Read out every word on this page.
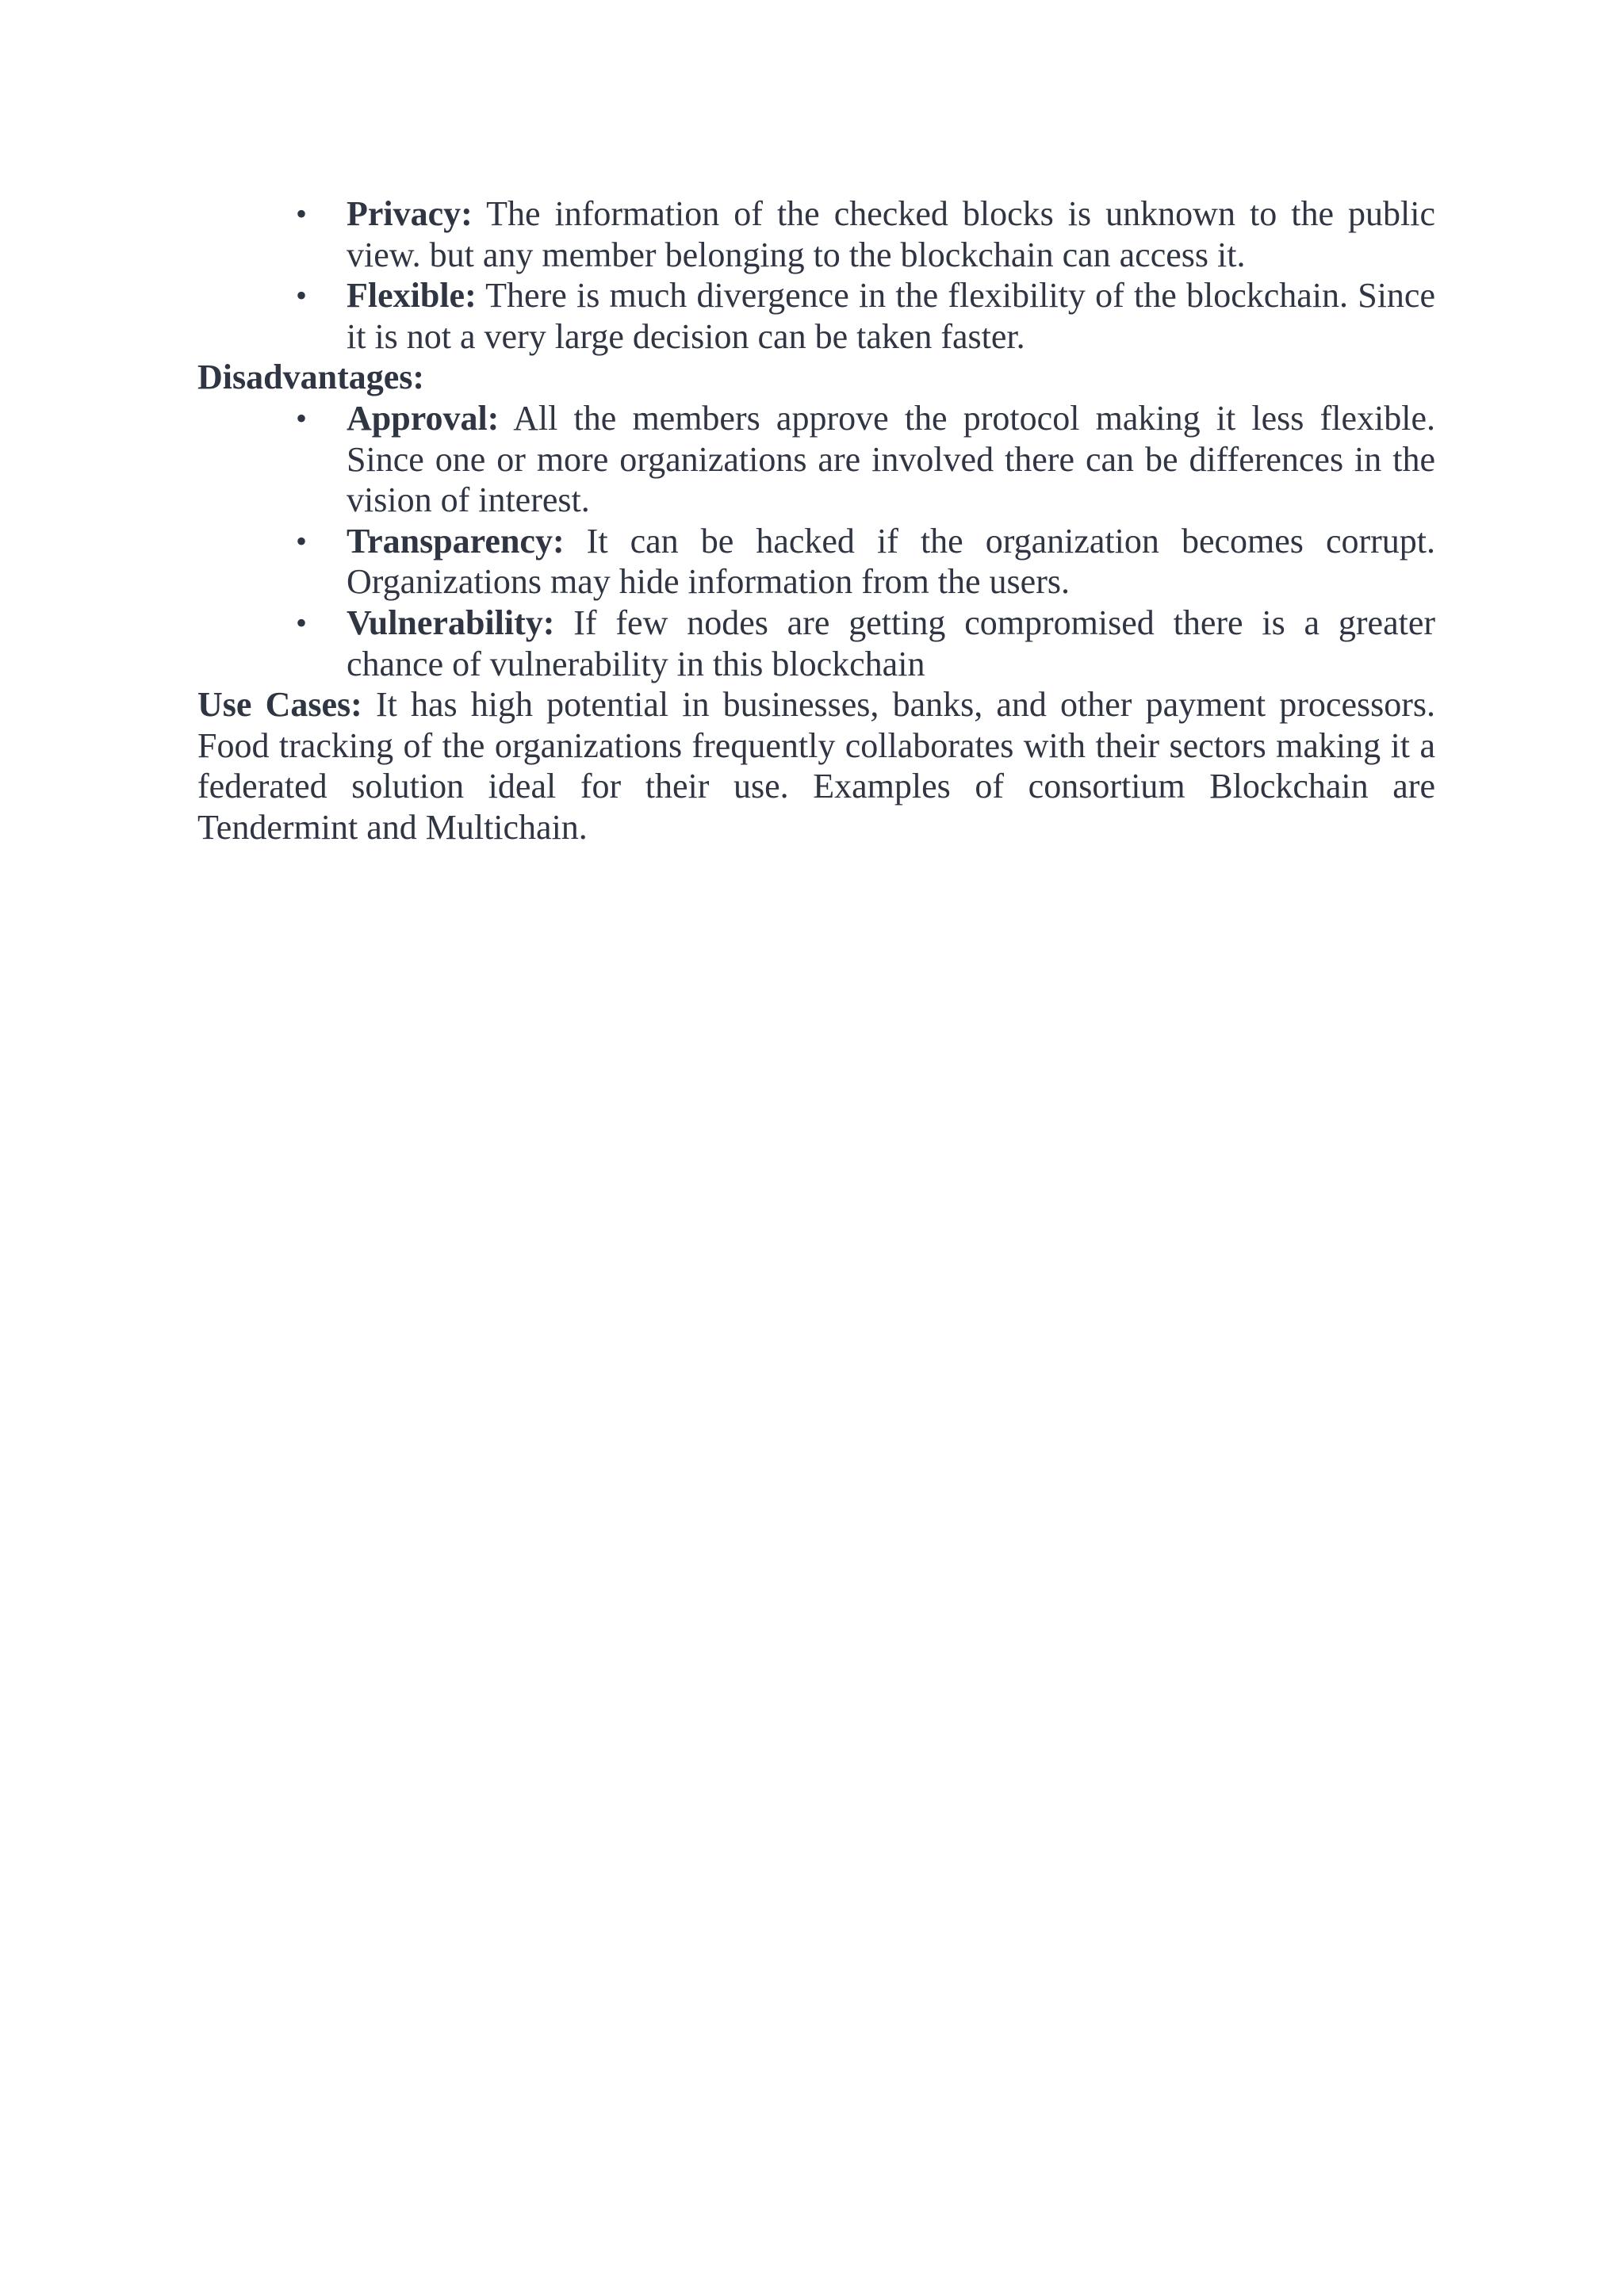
• Privacy: The information of the checked blocks is unknown to the public view. but any member belonging to the blockchain can access it.
• Flexible: There is much divergence in the flexibility of the blockchain. Since it is not a very large decision can be taken faster.

Disadvantages:

• Approval: All the members approve the protocol making it less flexible. Since one or more organizations are involved there can be differences in the vision of interest.
• Transparency: It can be hacked if the organization becomes corrupt. Organizations may hide information from the users.
• Vulnerability: If few nodes are getting compromised there is a greater chance of vulnerability in this blockchain

Use Cases: It has high potential in businesses, banks, and other payment processors. Food tracking of the organizations frequently collaborates with their sectors making it a federated solution ideal for their use. Examples of consortium Blockchain are Tendermint and Multichain.
